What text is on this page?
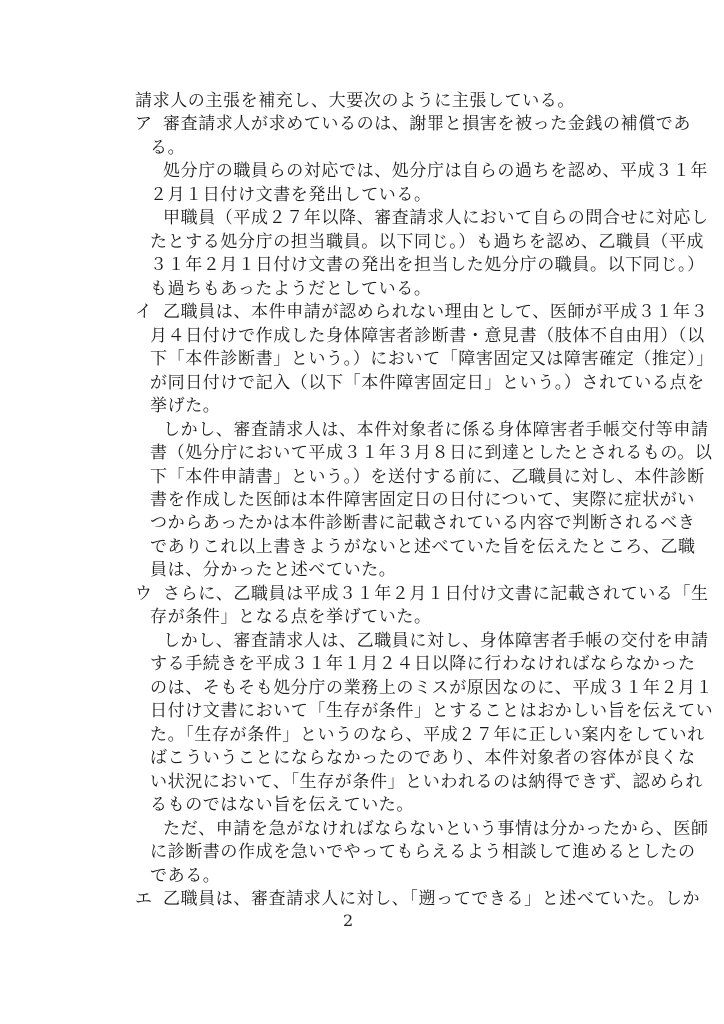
2
請求人の主張を補充し、大要次のように主張している。
ア 審査請求人が求めているのは、謝罪と損害を被った金銭の補償であ
る。
処分庁の職員らの対応では、処分庁は自らの過ちを認め、平成３１年
２月１日付け文書を発出している。
甲職員（平成２７年以降、審査請求人において自らの問合せに対応し
たとする処分庁の担当職員。以下同じ。）も過ちを認め、乙職員（平成
３１年２月１日付け文書の発出を担当した処分庁の職員。以下同じ。）
も過ちもあったようだとしている。
イ 乙職員は、本件申請が認められない理由として、医師が平成３１年３
月４日付けで作成した身体障害者診断書・意見書（肢体不自由用）（以
下「本件診断書」という。）において「障害固定又は障害確定（推定）」
が同日付けで記入（以下「本件障害固定日」という。）されている点を
挙げた。
しかし、審査請求人は、本件対象者に係る身体障害者手帳交付等申請
書（処分庁において平成３１年３月８日に到達としたとされるもの。以
下「本件申請書」という。）を送付する前に、乙職員に対し、本件診断
書を作成した医師は本件障害固定日の日付について、実際に症状がい
つからあったかは本件診断書に記載されている内容で判断されるべき
でありこれ以上書きようがないと述べていた旨を伝えたところ、乙職
員は、分かったと述べていた。
ウ さらに、乙職員は平成３１年２月１日付け文書に記載されている「生
存が条件」となる点を挙げていた。
しかし、審査請求人は、乙職員に対し、身体障害者手帳の交付を申請
する手続きを平成３１年１月２４日以降に行わなければならなかった
のは、そもそも処分庁の業務上のミスが原因なのに、平成３１年２月１
日付け文書において「生存が条件」とすることはおかしい旨を伝えてい
た。「生存が条件」というのなら、平成２７年に正しい案内をしていれ
ばこういうことにならなかったのであり、本件対象者の容体が良くな
い状況において、「生存が条件」といわれるのは納得できず、認められ
るものではない旨を伝えていた。
ただ、申請を急がなければならないという事情は分かったから、医師
に診断書の作成を急いでやってもらえるよう相談して進めるとしたの
である。
エ 乙職員は、審査請求人に対し、「遡ってできる」と述べていた。しか
